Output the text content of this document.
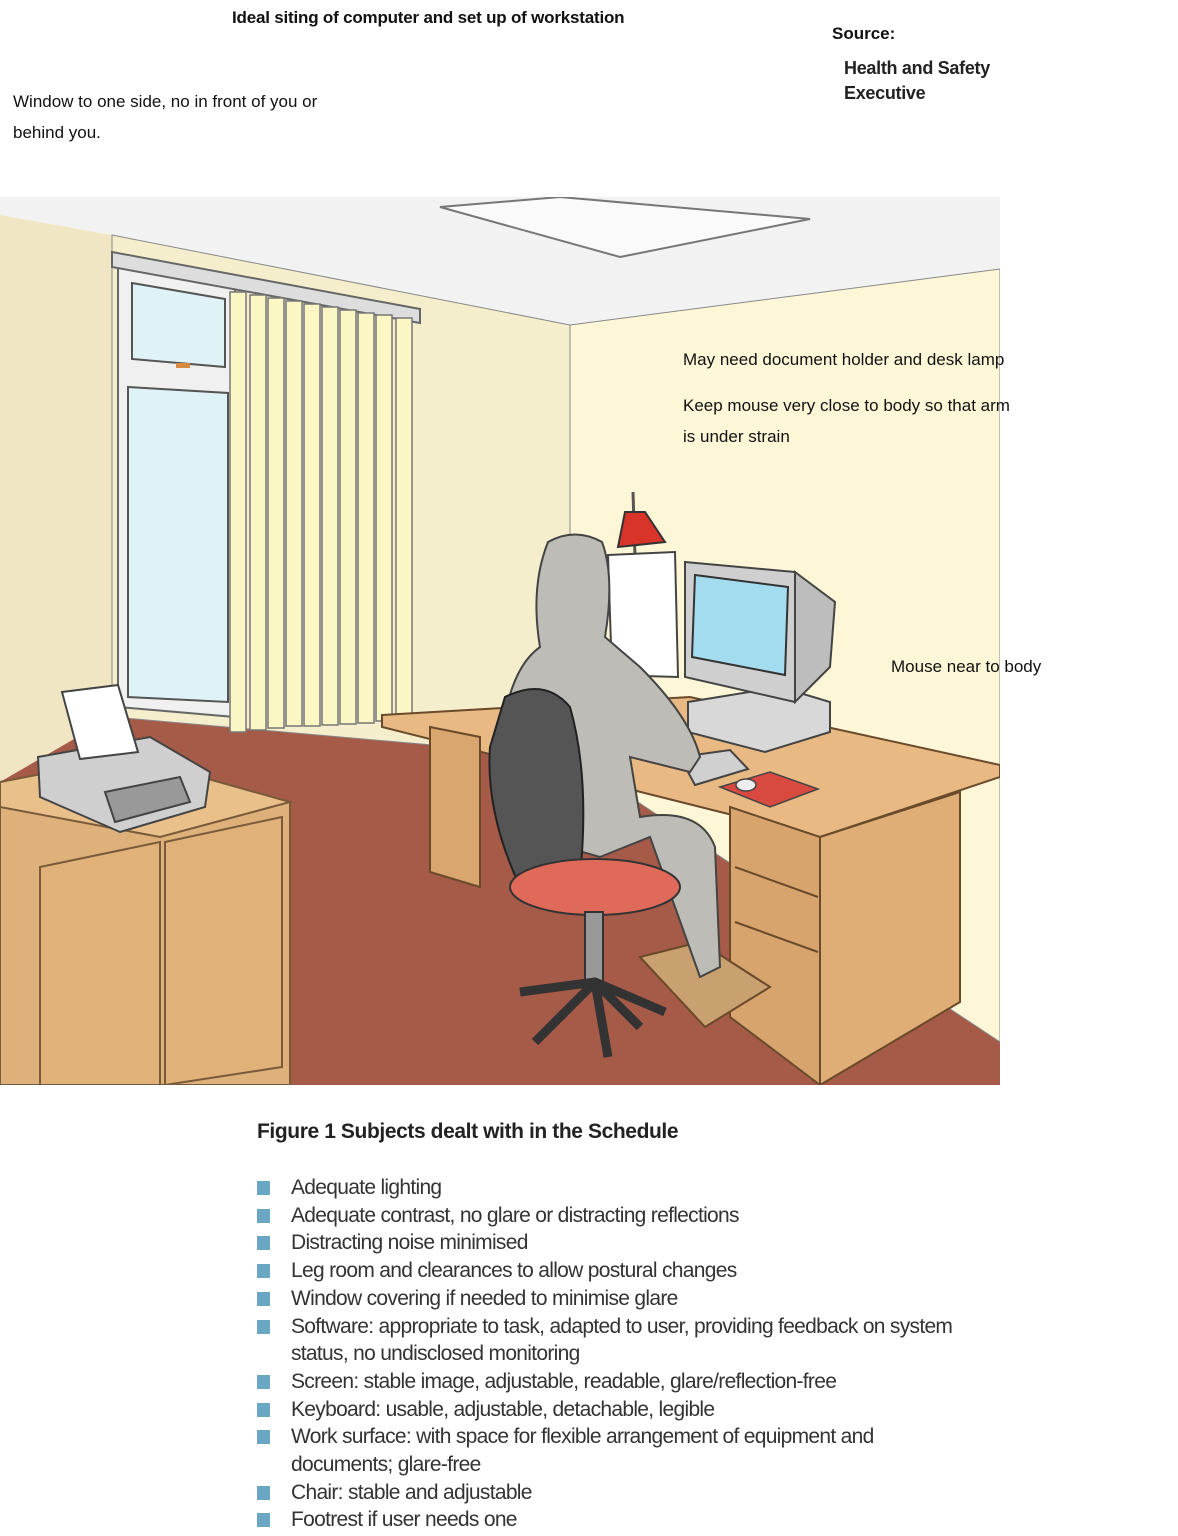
Ideal siting of computer and set up of workstation
Source:
Health and Safety
Executive
Window to one side, no in front of you or
behind you.
May need document holder and desk lamp
Keep mouse very close to body so that arm
is under strain
Mouse near to body
Figure 1 Subjects dealt with in the Schedule
Adequate lighting
Adequate contrast, no glare or distracting reflections
Distracting noise minimised
Leg room and clearances to allow postural changes
Window covering if needed to minimise glare
Software: appropriate to task, adapted to user, providing feedback on system
status, no undisclosed monitoring
Screen: stable image, adjustable, readable, glare/reflection-free
Keyboard: usable, adjustable, detachable, legible
Work surface: with space for flexible arrangement of equipment and
documents; glare-free
Chair: stable and adjustable
Footrest if user needs one
